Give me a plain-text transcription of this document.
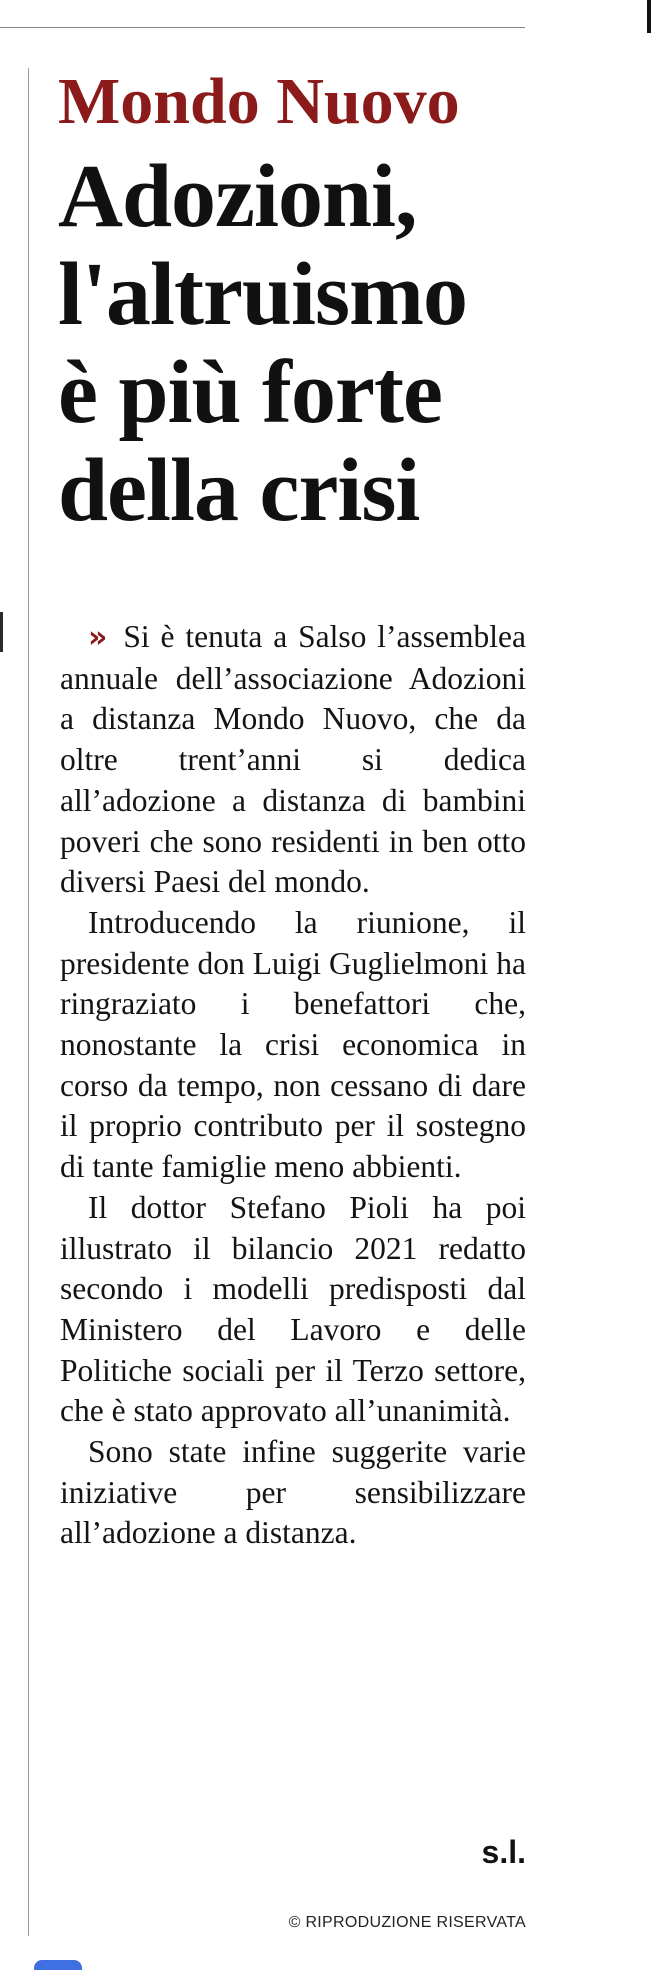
Mondo Nuovo
Adozioni,
l'altruismo
è più forte
della crisi

» Si è tenuta a Salso l’assemblea annuale dell’associazione Adozioni a distanza Mondo Nuovo, che da oltre trent’anni si dedica all’adozione a distanza di bambini poveri che sono residenti in ben otto diversi Paesi del mondo.

Introducendo la riunione, il presidente don Luigi Guglielmoni ha ringraziato i benefattori che, nonostante la crisi economica in corso da tempo, non cessano di dare il proprio contributo per il sostegno di tante famiglie meno abbienti.

Il dottor Stefano Pioli ha poi illustrato il bilancio 2021 redatto secondo i modelli predisposti dal Ministero del Lavoro e delle Politiche sociali per il Terzo settore, che è stato approvato all’unanimità.

Sono state infine suggerite varie iniziative per sensibilizzare all’adozione a distanza.

s.l.

© RIPRODUZIONE RISERVATA
